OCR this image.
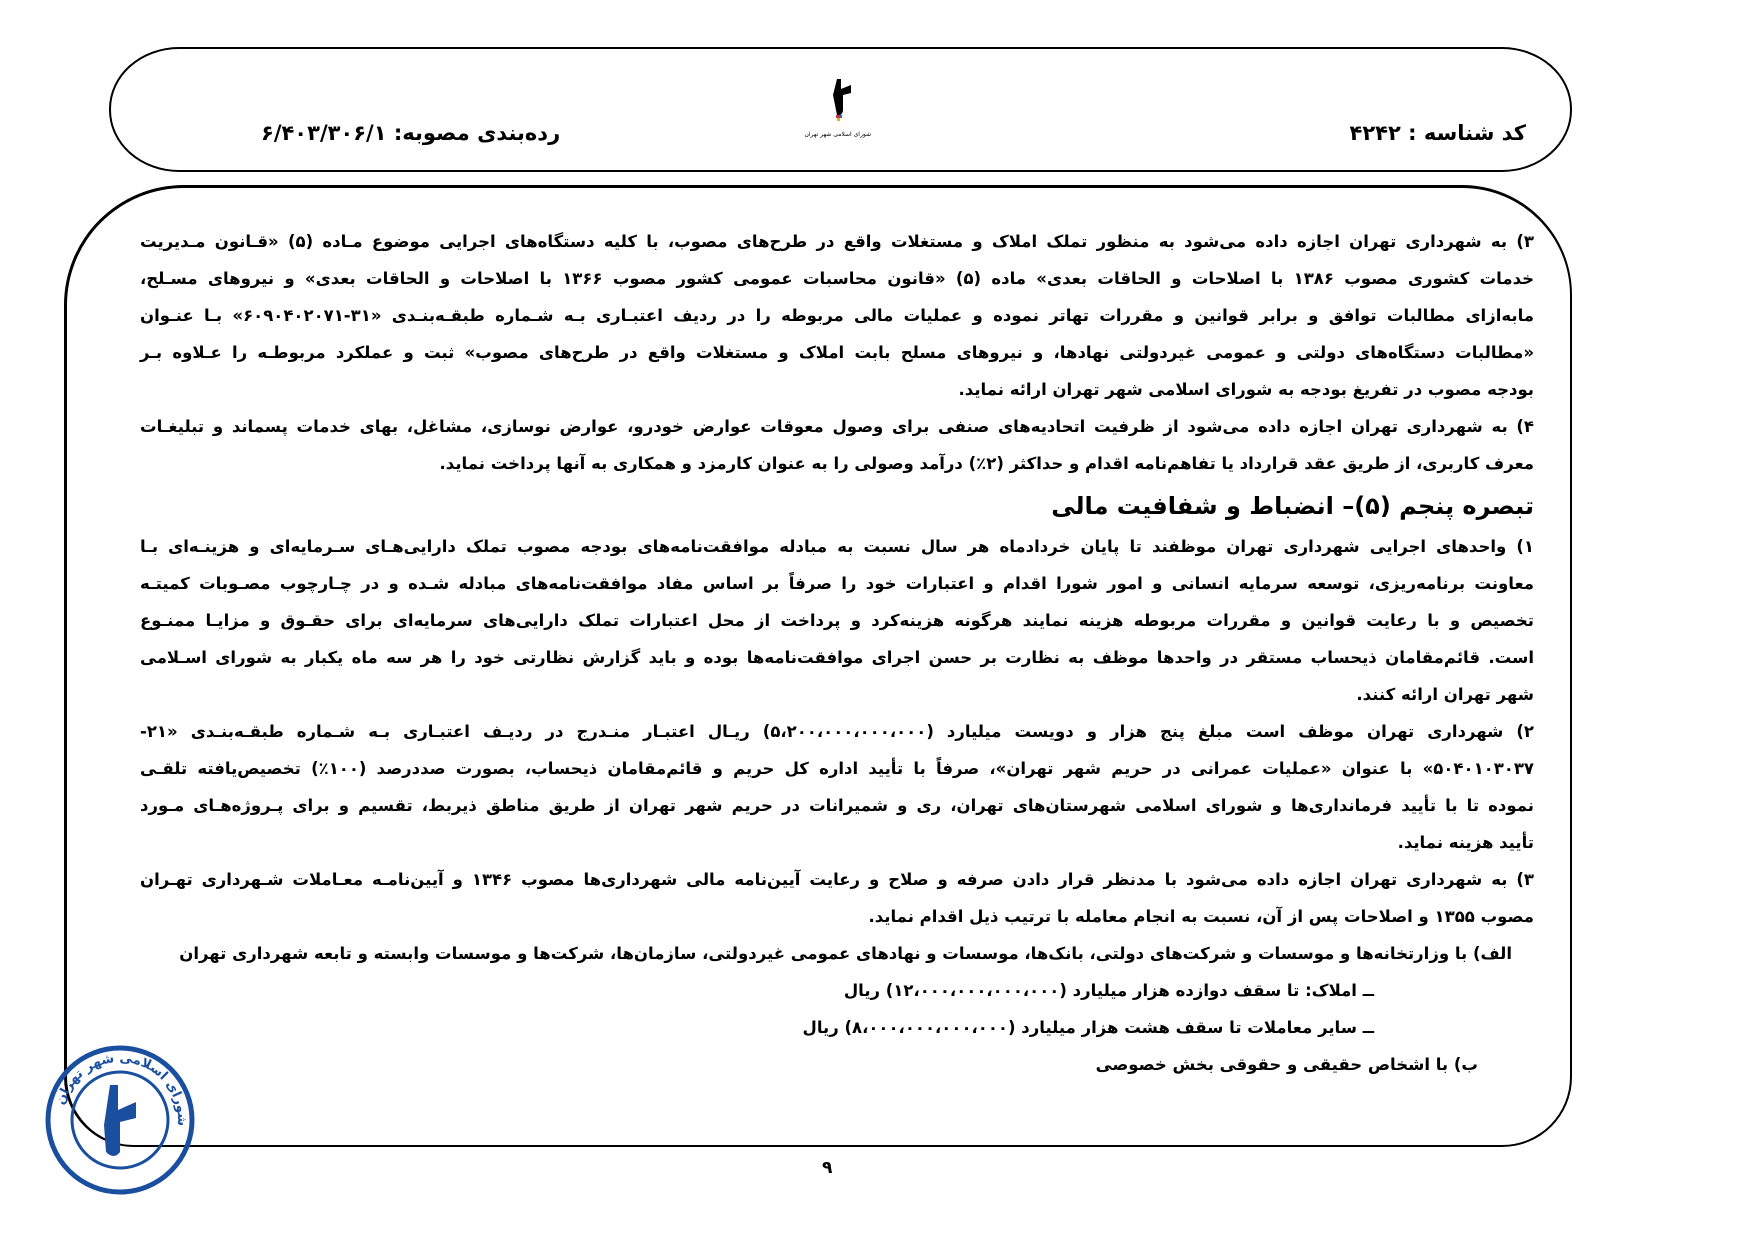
کد شناسه : ۴۲۴۲
شورای اسلامی شهر تهران
رده‌بندی مصوبه: ۶/۴۰۳/۳۰۶/۱
۳) به شهرداری تهران اجازه داده می‌شود به منظور تملک املاک و مستغلات واقع در طرح‌های مصوب، با کلیه دستگاه‌های اجرایی موضوع مـاده (۵) «قـانون مـدیریت
خدمات کشوری مصوب ۱۳۸۶ با اصلاحات و الحاقات بعدی» ماده (۵) «قانون محاسبات عمومی کشور مصوب ۱۳۶۶ با اصلاحات و الحاقات بعدی» و نیروهای مسـلح،
مابه‌ازای مطالبات توافق و برابر قوانین و مقررات تهاتر نموده و عملیات مالی مربوطه را در ردیف اعتبـاری بـه شـماره طبقـه‌بنـدی «۳۱-۶۰۹۰۴۰۲۰۷۱» بـا عنـوان
«مطالبات دستگاه‌های دولتی و عمومی غیردولتی نهادها، و نیروهای مسلح بابت املاک و مستغلات واقع در طرح‌های مصوب» ثبت و عملکرد مربوطـه را عـلاوه بـر
بودجه مصوب در تفریغ بودجه به شورای اسلامی شهر تهران ارائه نماید.
۴) به شهرداری تهران اجازه داده می‌شود از ظرفیت اتحادیه‌های صنفی برای وصول معوقات عوارض خودرو، عوارض نوسازی، مشاغل، بهای خدمات پسماند و تبلیغـات
معرف کاربری، از طریق عقد قرارداد یا تفاهم‌نامه اقدام و حداکثر (۲٪) درآمد وصولی را به عنوان کارمزد و همکاری به آنها پرداخت نماید.
تبصره پنجم (۵)– انضباط و شفافیت مالی
۱) واحدهای اجرایی شهرداری تهران موظفند تا پایان خردادماه هر سال نسبت به مبادله موافقت‌نامه‌های بودجه مصوب تملک دارایی‌هـای سـرمایه‌ای و هزینـه‌ای بـا
معاونت برنامه‌ریزی، توسعه سرمایه انسانی و امور شورا اقدام و اعتبارات خود را صرفاً بر اساس مفاد موافقت‌نامه‌های مبادله شـده و در چـارچوب مصـوبات کمیتـه
تخصیص و با رعایت قوانین و مقررات مربوطه هزینه نمایند هرگونه هزینه‌کرد و پرداخت از محل اعتبارات تملک دارایی‌های سرمایه‌ای برای حقـوق و مزایـا ممنـوع
است. قائم‌مقامان ذیحساب مستقر در واحدها موظف به نظارت بر حسن اجرای موافقت‌نامه‌ها بوده و باید گزارش نظارتی خود را هر سه ماه یکبار به شورای اسـلامی
شهر تهران ارائه کنند.
۲) شهرداری تهران موظف است مبلغ پنج هزار و دویست میلیارد (۵،۲۰۰،۰۰۰،۰۰۰،۰۰۰) ریـال اعتبـار منـدرج در ردیـف اعتبـاری بـه شـماره طبقـه‌بنـدی «۲۱-
۵۰۴۰۱۰۳۰۳۷» با عنوان «عملیات عمرانی در حریم شهر تهران»، صرفاً با تأیید اداره کل حریم و قائم‌مقامان ذیحساب، بصورت صددرصد (۱۰۰٪) تخصیص‌یافته تلقـی
نموده تا با تأیید فرمانداری‌ها و شورای اسلامی شهرستان‌های تهران، ری و شمیرانات در حریم شهر تهران از طریق مناطق ذیربط، تقسیم و برای پـروژه‌هـای مـورد
تأیید هزینه نماید.
۳) به شهرداری تهران اجازه داده می‌شود با مدنظر قرار دادن صرفه و صلاح و رعایت آیین‌نامه مالی شهرداری‌ها مصوب ۱۳۴۶ و آیین‌نامـه معـاملات شـهرداری تهـران
مصوب ۱۳۵۵ و اصلاحات پس از آن، نسبت به انجام معامله با ترتیب ذیل اقدام نماید.
الف) با وزارتخانه‌ها و موسسات و شرکت‌های دولتی، بانک‌ها، موسسات و نهادهای عمومی غیردولتی، سازمان‌ها، شرکت‌ها و موسسات وابسته و تابعه شهرداری تهران
ــ املاک: تا سقف دوازده هزار میلیارد (۱۲،۰۰۰،۰۰۰،۰۰۰،۰۰۰) ریال
ــ سایر معاملات تا سقف هشت هزار میلیارد (۸،۰۰۰،۰۰۰،۰۰۰،۰۰۰) ریال
ب) با اشخاص حقیقی و حقوقی بخش خصوصی
۹
شورای اسلامی شهر تهران
